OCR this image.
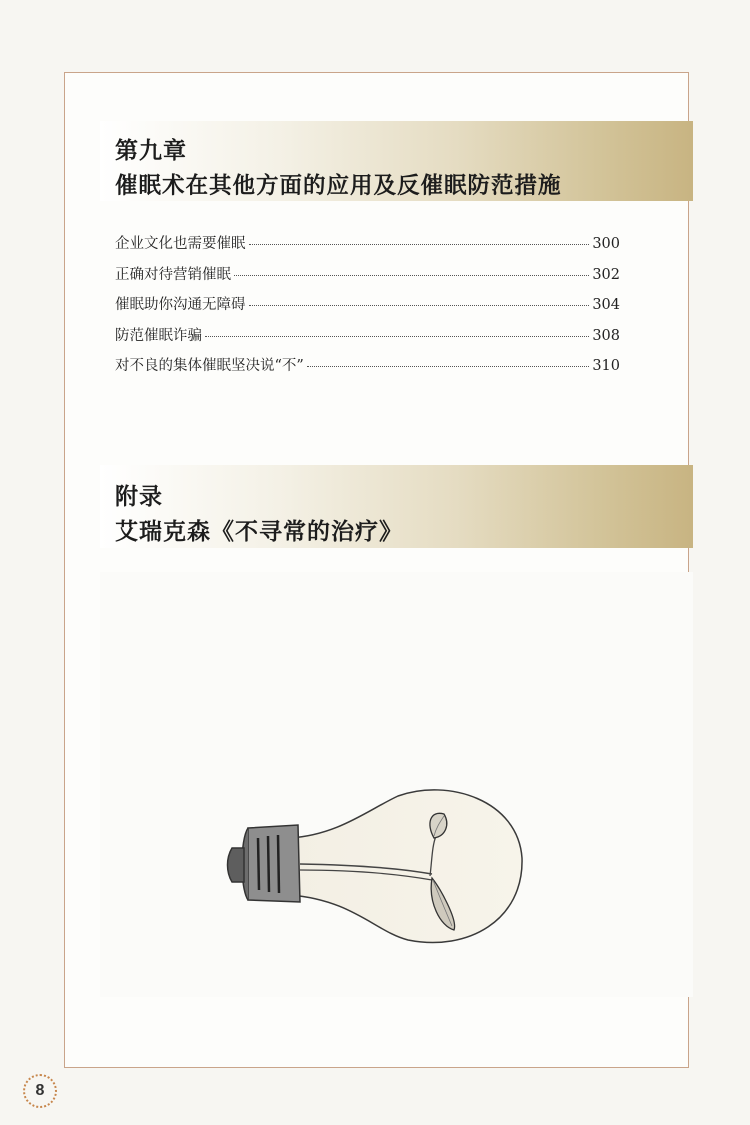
第九章
催眠术在其他方面的应用及反催眠防范措施
企业文化也需要催眠	300
正确对待营销催眠	302
催眠助你沟通无障碍	304
防范催眠诈骗	308
对不良的集体催眠坚决说“不”	310
附录
艾瑞克森《不寻常的治疗》
8
